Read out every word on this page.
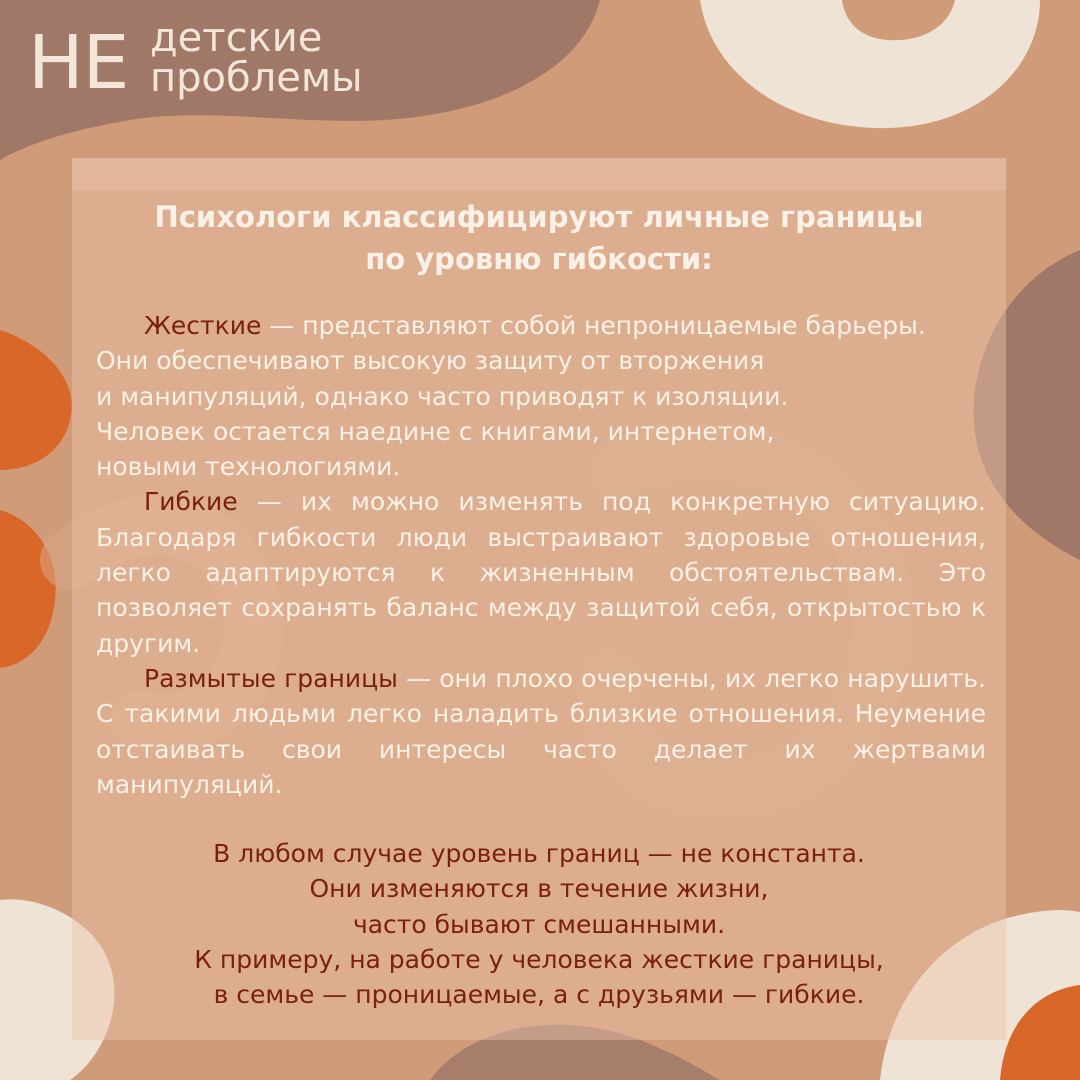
НЕ детские
проблемы
Психологи классифицируют личные границы
по уровню гибкости:

Жесткие — представляют собой непроницаемые барьеры.
Они обеспечивают высокую защиту от вторжения
и манипуляций, однако часто приводят к изоляции.
Человек остается наедине с книгами, интернетом,
новыми технологиями.

Гибкие — их можно изменять под конкретную ситуацию. Благодаря гибкости люди выстраивают здоровые отношения, легко адаптируются к жизненным обстоятельствам. Это позволяет сохранять баланс между защитой себя, открытостью к другим.

Размытые границы — они плохо очерчены, их легко нарушить. С такими людьми легко наладить близкие отношения. Неумение отстаивать свои интересы часто делает их жертвами манипуляций.

В любом случае уровень границ — не константа.
Они изменяются в течение жизни,
часто бывают смешанными.
К примеру, на работе у человека жесткие границы,
в семье — проницаемые, а с друзьями — гибкие.
